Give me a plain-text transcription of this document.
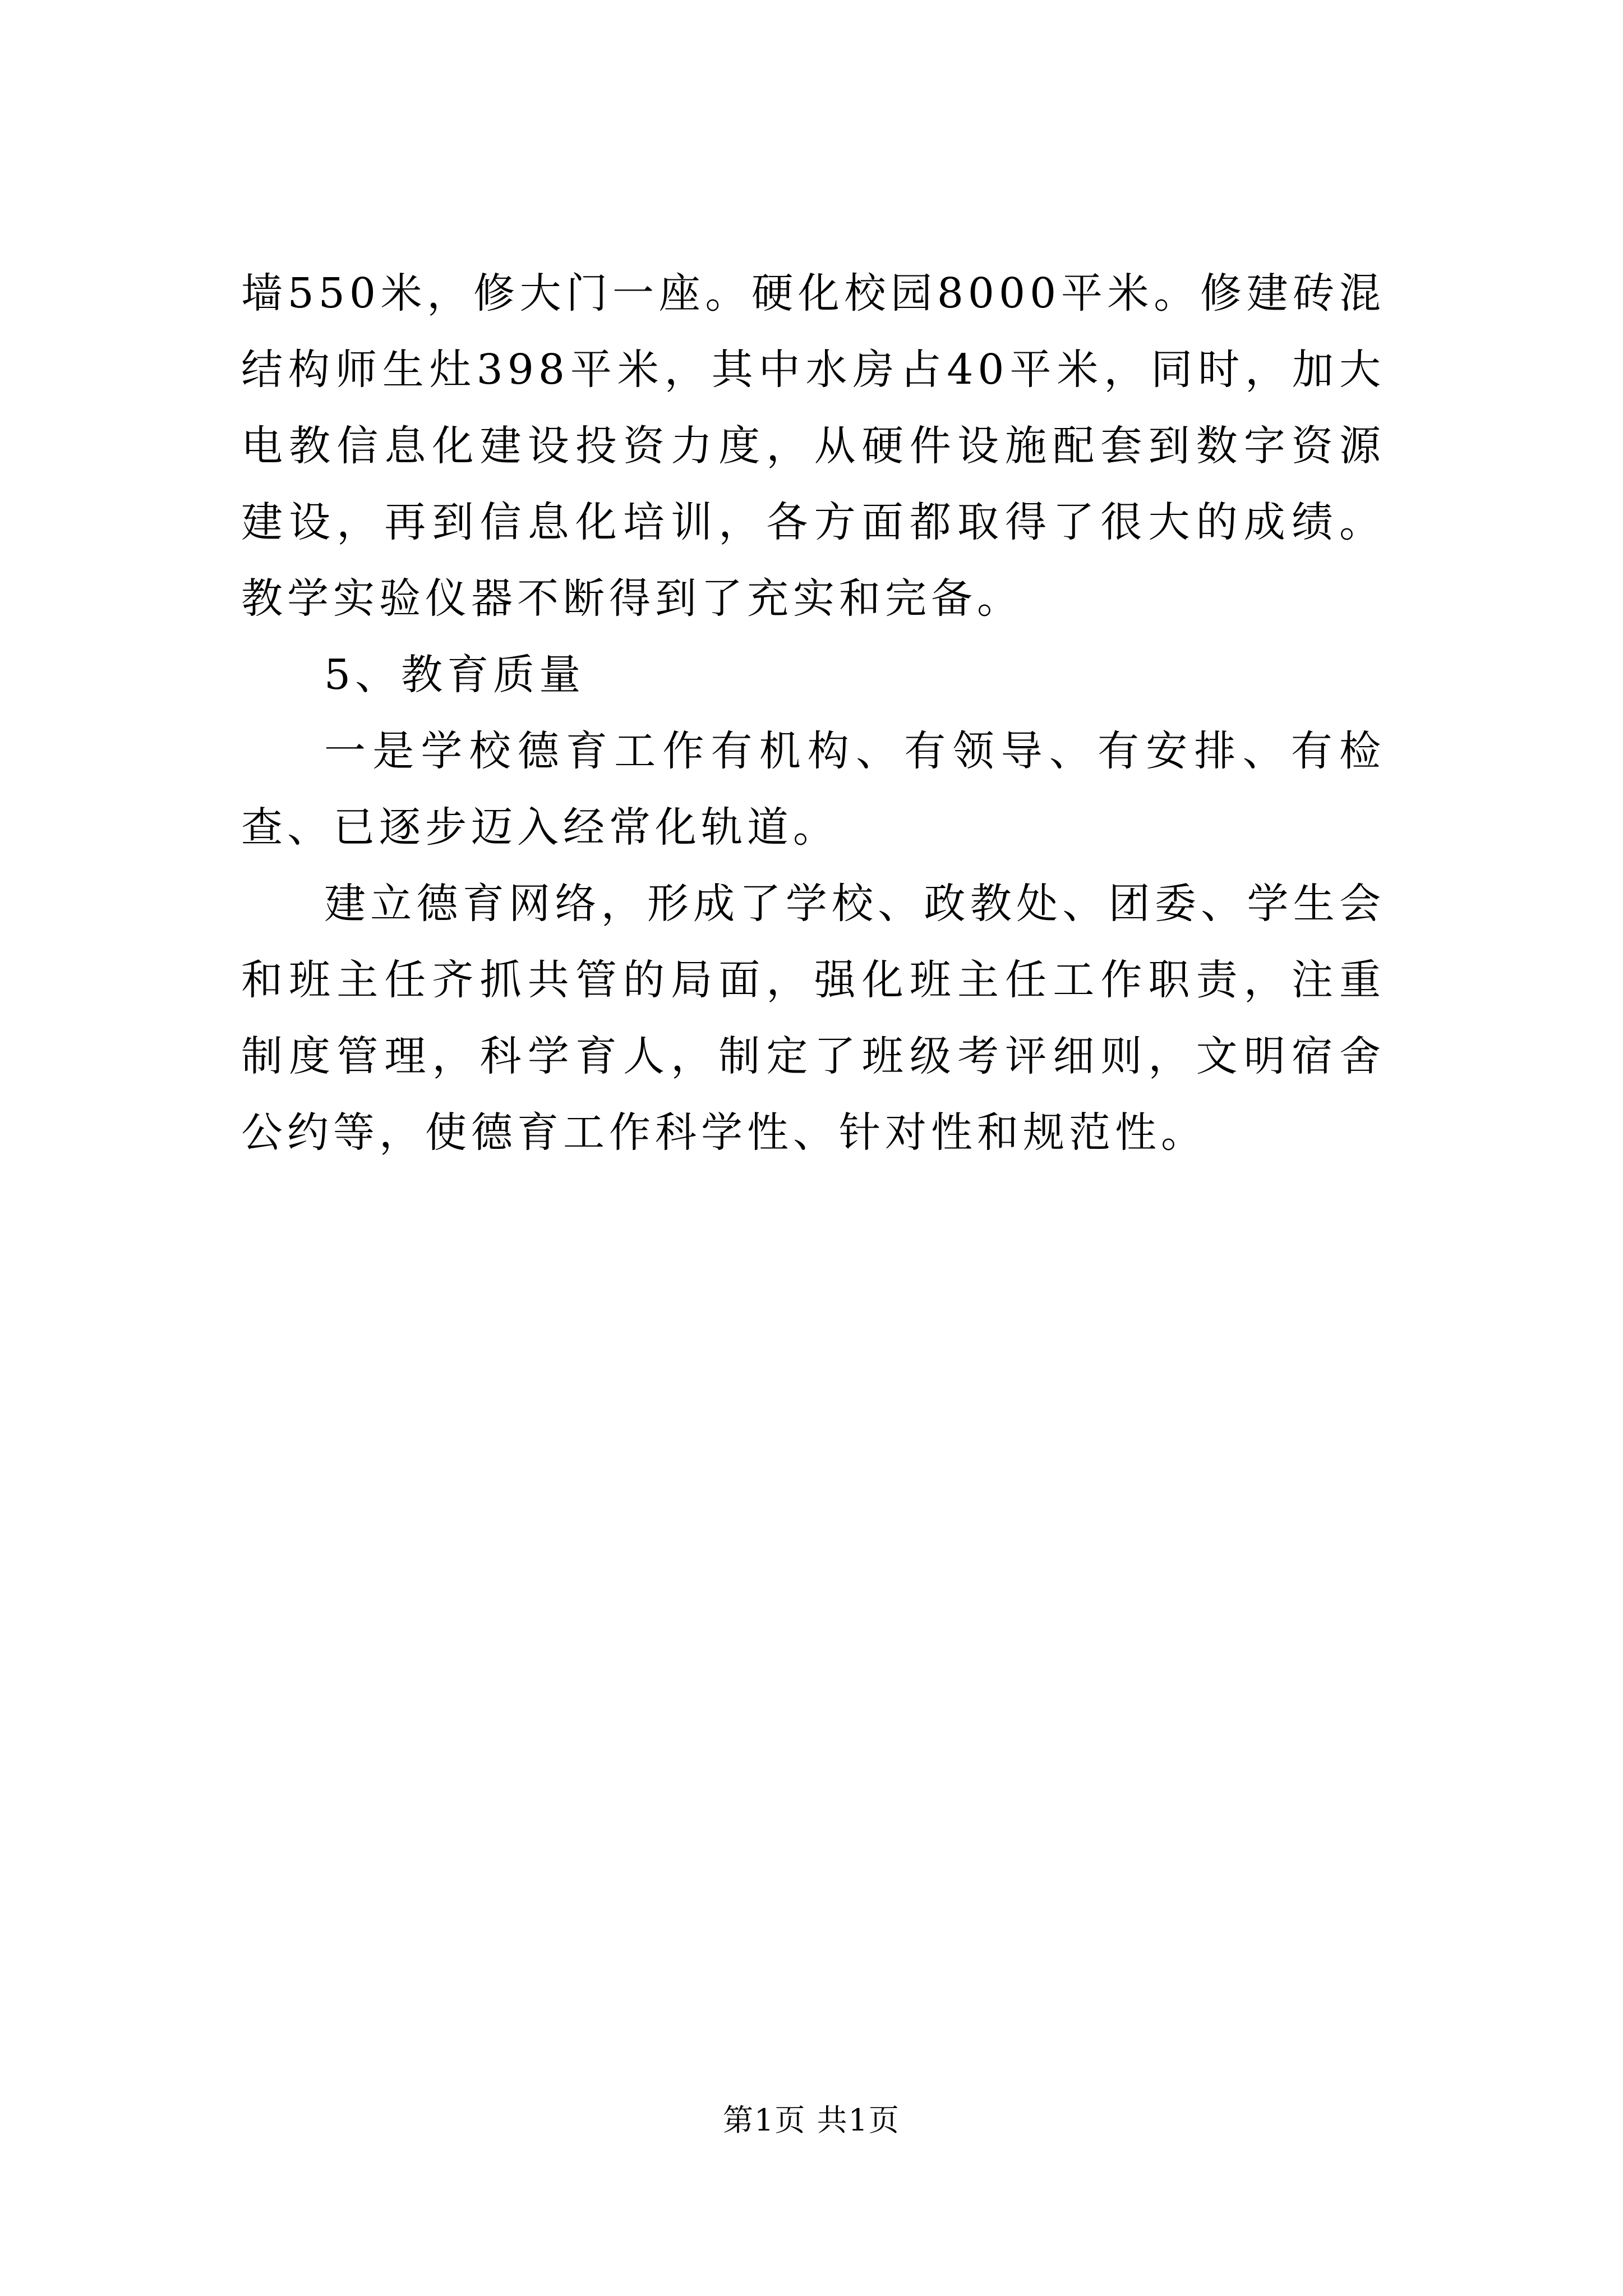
墙550米，修大门一座。硬化校园8000平米。修建砖混结构师生灶398平米，其中水房占40平米，同时，加大电教信息化建设投资力度，从硬件设施配套到数字资源建设，再到信息化培训，各方面都取得了很大的成绩。教学实验仪器不断得到了充实和完备。

5、教育质量

一是学校德育工作有机构、有领导、有安排、有检查、已逐步迈入经常化轨道。

建立德育网络，形成了学校、政教处、团委、学生会和班主任齐抓共管的局面，强化班主任工作职责，注重制度管理，科学育人，制定了班级考评细则，文明宿舍公约等，使德育工作科学性、针对性和规范性。

第1页 共1页
